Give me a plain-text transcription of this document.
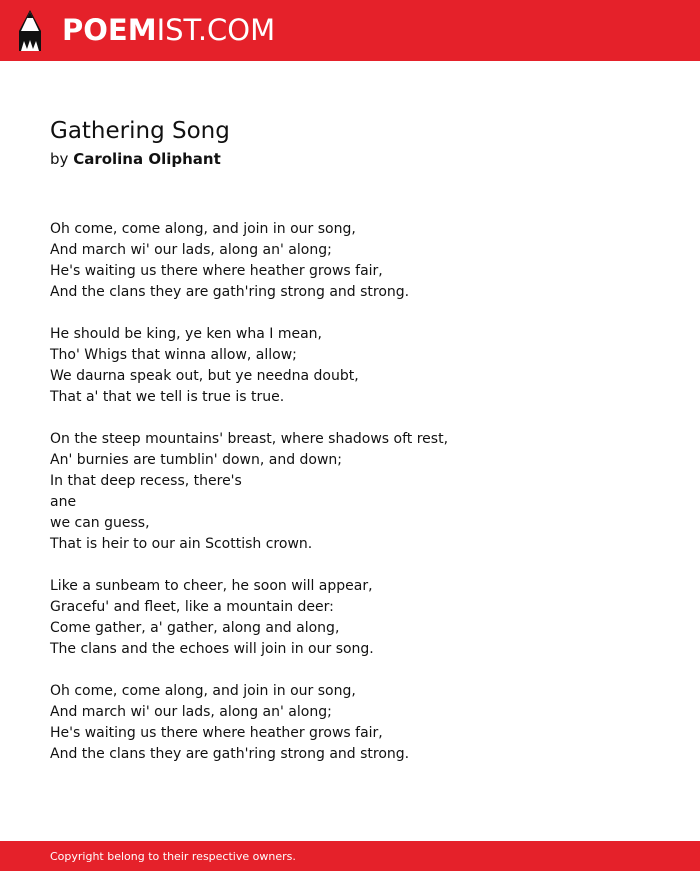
POEMIST.COM
Gathering Song
by Carolina Oliphant
Oh come, come along, and join in our song,
And march wi' our lads, along an' along;
He's waiting us there where heather grows fair,
And the clans they are gath'ring strong and strong.
He should be king, ye ken wha I mean,
Tho' Whigs that winna allow, allow;
We daurna speak out, but ye needna doubt,
That a' that we tell is true is true.
On the steep mountains' breast, where shadows oft rest,
An' burnies are tumblin' down, and down;
In that deep recess, there's
ane
we can guess,
That is heir to our ain Scottish crown.
Like a sunbeam to cheer, he soon will appear,
Gracefu' and fleet, like a mountain deer:
Come gather, a' gather, along and along,
The clans and the echoes will join in our song.
Oh come, come along, and join in our song,
And march wi' our lads, along an' along;
He's waiting us there where heather grows fair,
And the clans they are gath'ring strong and strong.
Copyright belong to their respective owners.
